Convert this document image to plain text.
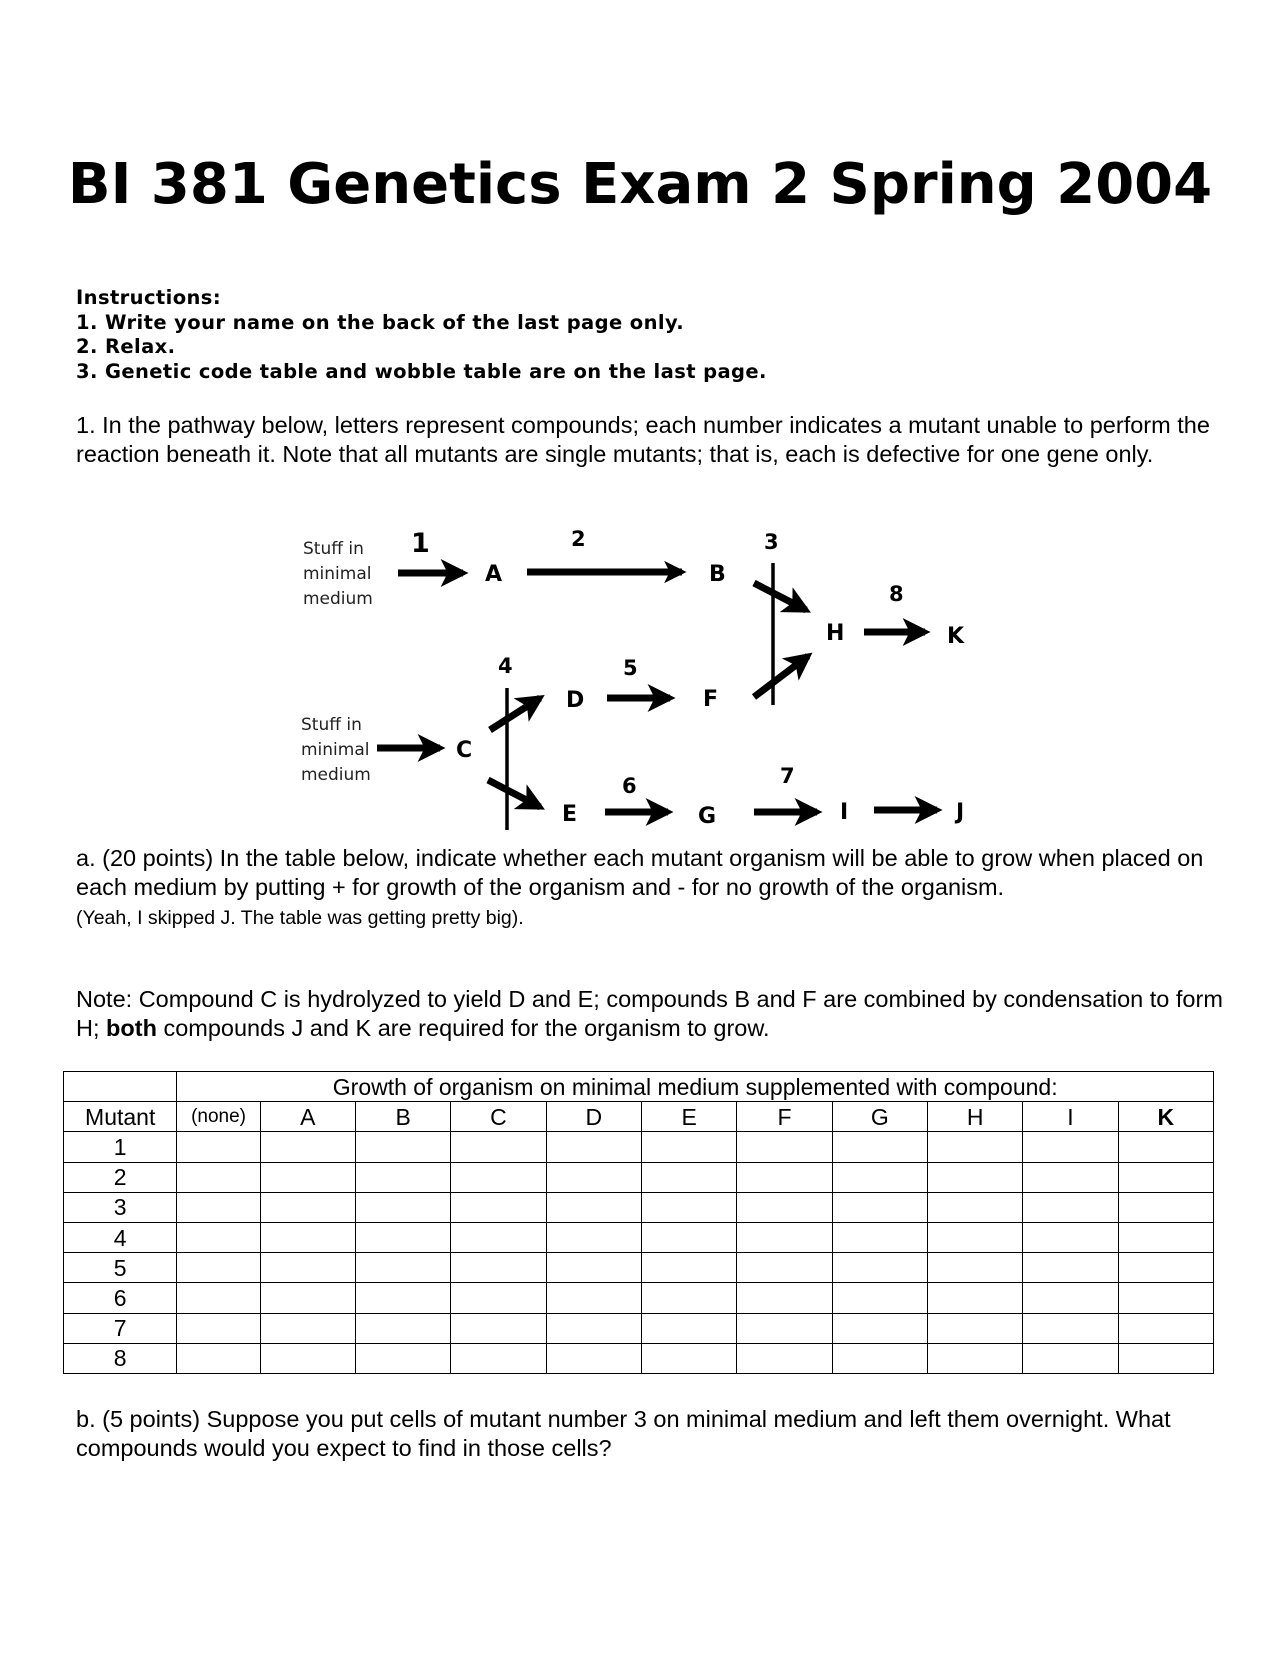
BI 381 Genetics Exam 2 Spring 2004
Instructions:
1. Write your name on the back of the last page only.
2. Relax.
3. Genetic code table and wobble table are on the last page.
1. In the pathway below, letters represent compounds; each number indicates a mutant unable to perform the reaction beneath it. Note that all mutants are single mutants; that is, each is defective for one gene only.
Stuff in
minimal
medium
Stuff in
minimal
medium
A	B
C
D
E
F
G
H
I	J
K
1	2	3
4	5
6	7
8
a. (20 points) In the table below, indicate whether each mutant organism will be able to grow when placed on each medium by putting + for growth of the organism and - for no growth of the organism.
(Yeah, I skipped J. The table was getting pretty big).
Note: Compound C is hydrolyzed to yield D and E; compounds B and F are combined by condensation to form H; both compounds J and K are required for the organism to grow.
	Growth of organism on minimal medium supplemented with compound:										
Mutant	(none)	A	B	C	D	E	F	G	H	I	K
1											
2											
3											
4											
5											
6											
7											
8											
b. (5 points) Suppose you put cells of mutant number 3 on minimal medium and left them overnight. What compounds would you expect to find in those cells?
